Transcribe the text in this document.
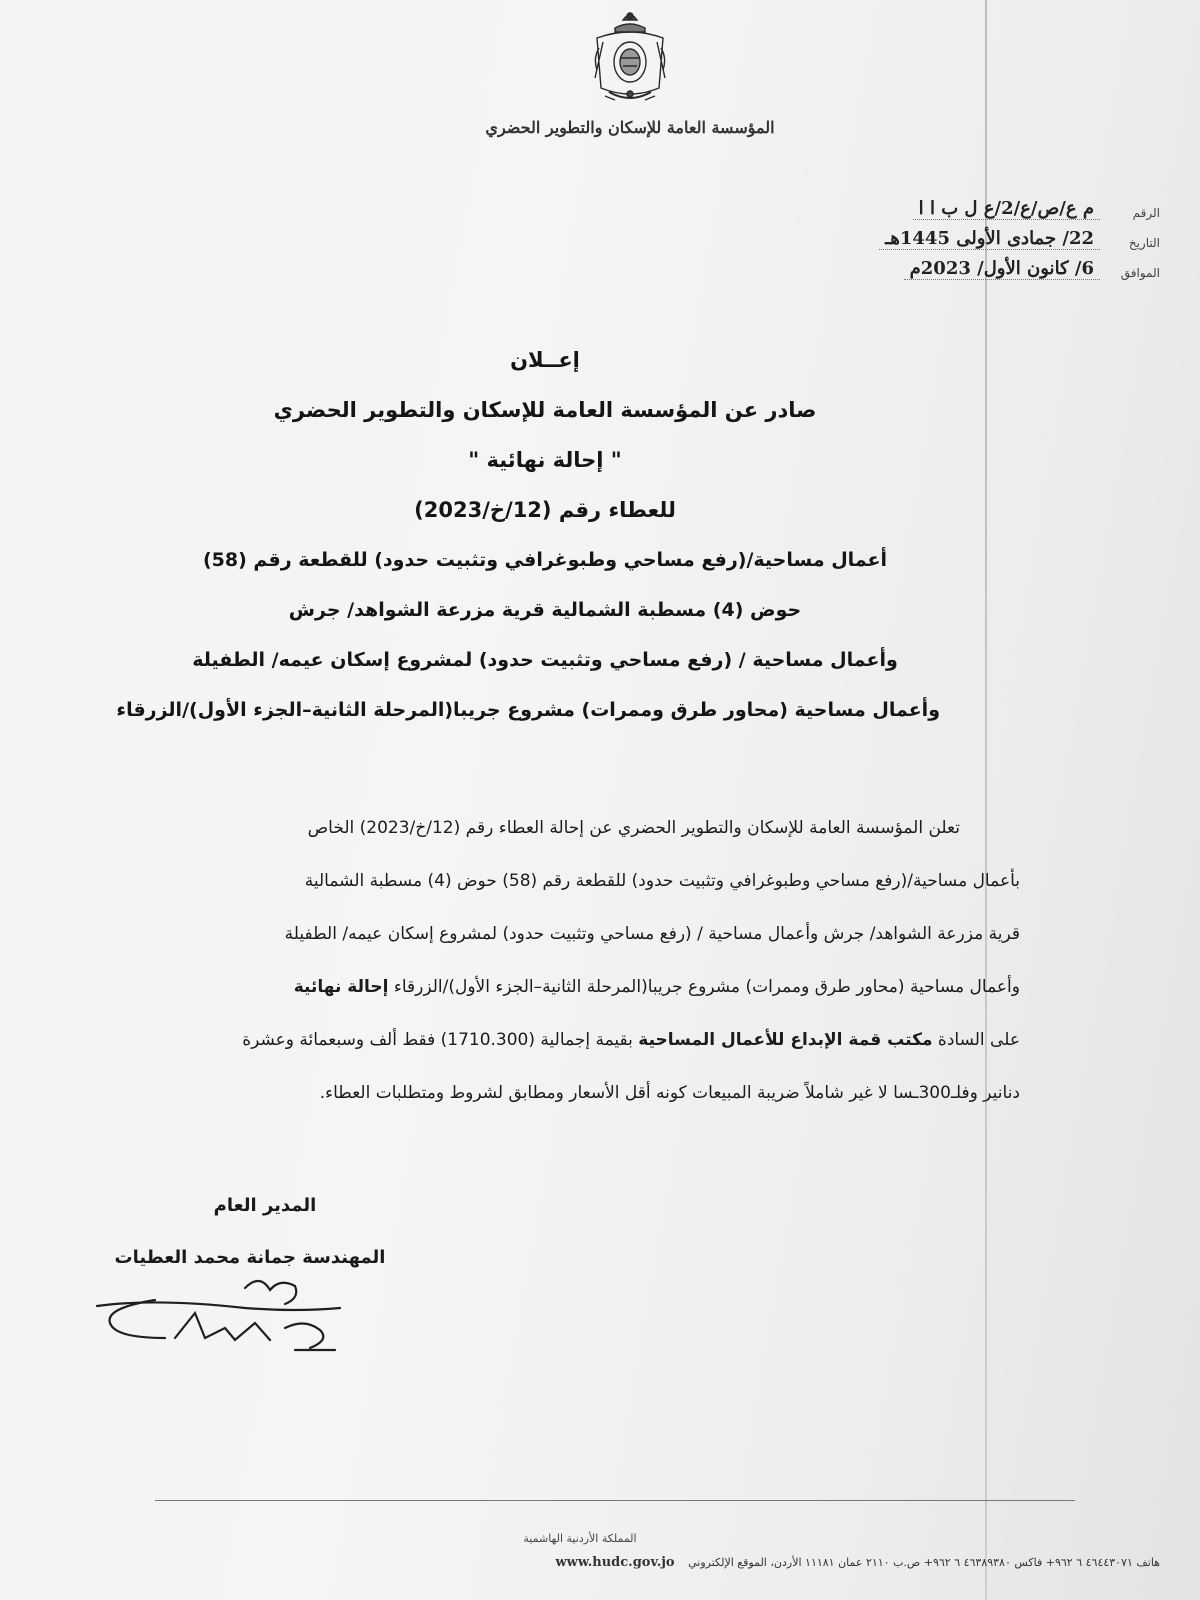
المؤسسة العامة للإسكان والتطوير الحضري
الرقم
م ع/ص/ع/2/ع ل ب ا ا
التاريخ
22/ جمادى الأولى 1445هـ
الموافق
6/ كانون الأول/ 2023م
إعــلان
صادر عن المؤسسة العامة للإسكان والتطوير الحضري
" إحالة نهائية "
للعطاء رقم (12/خ/2023)
أعمال مساحية/(رفع مساحي وطبوغرافي وتثبيت حدود) للقطعة رقم (58)
حوض (4) مسطبة الشمالية قرية مزرعة الشواهد/ جرش
وأعمال مساحية / (رفع مساحي وتثبيت حدود) لمشروع إسكان عيمه/ الطفيلة
وأعمال مساحية (محاور طرق وممرات) مشروع جريبا(المرحلة الثانية–الجزء الأول)/الزرقاء
تعلن المؤسسة العامة للإسكان والتطوير الحضري عن إحالة العطاء رقم (12/خ/2023) الخاص
بأعمال مساحية/(رفع مساحي وطبوغرافي وتثبيت حدود) للقطعة رقم (58) حوض (4) مسطبة الشمالية
قرية مزرعة الشواهد/ جرش وأعمال مساحية / (رفع مساحي وتثبيت حدود) لمشروع إسكان عيمه/ الطفيلة
وأعمال مساحية (محاور طرق وممرات) مشروع جريبا(المرحلة الثانية–الجزء الأول)/الزرقاء إحالة نهائية
على السادة مكتب قمة الإبداع للأعمال المساحية بقيمة إجمالية (1710.300) فقط ألف وسبعمائة وعشرة
دنانير وفلـ300ـسا لا غير شاملاً ضريبة المبيعات كونه أقل الأسعار ومطابق لشروط ومتطلبات العطاء.
المدير العام
المهندسة جمانة محمد العطيات
المملكة الأردنية الهاشمية
هاتف ٤٦٤٤٣٠٧١ ٦ ٩٦٢+ فاكس ٤٦٣٨٩٣٨٠ ٦ ٩٦٢+ ص.ب ٢١١٠ عمان ١١١٨١ الأردن، الموقع الإلكتروني www.hudc.gov.jo
